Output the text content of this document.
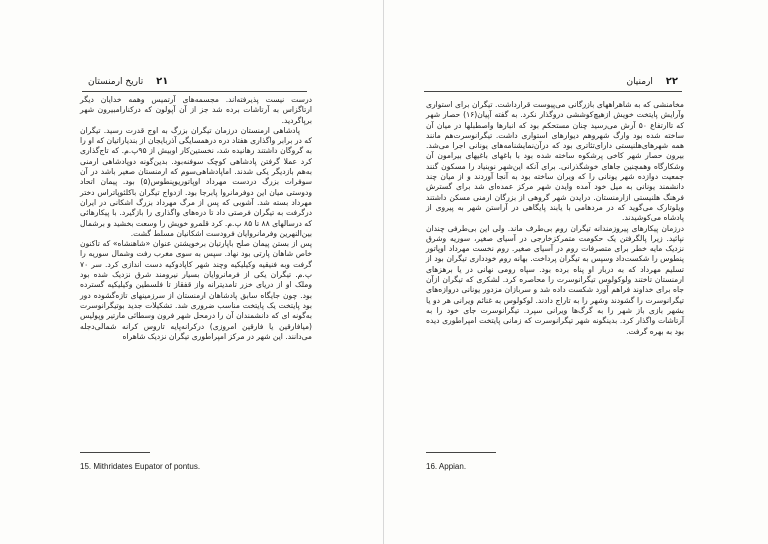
۲۱ تاریخ ارمنستان

درست نیست پذیرفته‌اند. مجسمه‌های آرتمیس وهمه خدایان دیگر ارتاگزاس به آرتاشات برده شد جز از آن آپولون که درکنارامبیرون شهر برپاگردید.

پادشاهی ارمنستان درزمان تیگران بزرگ به اوج قدرت رسید. تیگران که در برابر واگذاری هفتاد دره درهمسایگی آذربایجان از بندیاراتیان که او را به گروگان داشتند رهانیده شد، نخستین‌کار اوبیش از ۹۵پ.م. که تاج‌گذاری کرد عملا گرفتن پادشاهی کوچک سوفنه‌بود. بدین‌گونه دوپادشاهی ارمنی به‌هم بازدیگر یکی شدند. اماپادشاهی‌سوم که ارمنستان صغیر باشد در آن سوفرات بزرگ دردست مهرداد اوپاتوریوپنطوس(۵) بود. پیمان اتحاد ودوستی میان این دوفرمانروا پابرجا بود. ازدواج تیگران باکلئوپاتراس دختر مهرداد بسته شد. آشوبی که پس از مرگ مهرداد بزرگ اشکانی در ایران درگرفت به تیگران فرصتی داد تا دره‌های واگذاری را بازگیرد. با پیکارهائی که درسالهای ۸۸ تا ۸۵ پ.م. کرد قلمرو خویش را وسعت بخشید و برشمال بین‌النهرین وفرمانروایان فرودست اشکانیان مسلط گشت.

پس از بستن پیمان صلح باپارتیان برخویشتن عنوان «شاهنشاه» که تاکنون خاص شاهان پارتی بود نهاد. سپس به سوی مغرب رفت وشمال سوریه را گرفت وبه فنیقیه وکیلیکیه وچند شهر کاپادوکیه دست اندازی کرد. سر ۷۰ پ.م. تیگران یکی از فرمانروایان بسیار نیرومند شرق نزدیک شده بود وملک او از دریای خزر تامدیترانه واز قفقاز تا فلسطین وکیلیکیه گسترده بود. چون جایگاه سابق پادشاهان ارمنستان از سرزمینهای تازه‌گشوده دور بود پایتخت یک پایتخت مناسب ضروری شد. تشکیلات جدید بوتیگرانوسرت به‌گونه ای که دانشمندان آن را درمحل شهر فرون وسطائی مارتیر وپولیس (میافارقین یا فارقین امروزی) درکرانه‌پایه تاروس کرانه شمالی‌دجله می‌دانند. این شهر در مرکز امپراطوری تیگران نزدیک شاهراه

15. Mithridates Eupator of pontus.
۲۲ ارمنیان

مخامنشی که به شاهراههای بازرگانی می‌پیوست قرارداشت. تیگران برای استواری وآرایش پایتخت خویش ازهیچ‌کوششی دروگذار نکرد. به گفته آپیان(۱۶) حصار شهر که تاارتفاع ۵۰ آرش می‌رسید چنان مستحکم بود که انبارها واصطبلها در میان آن ساخته شده بود وارگ شهروهم دیوارهای استواری داشت. تیگرانوسرت‌هم مانند همه شهرهای‌هلنیستی دارای‌تئاتری بود که درآن‌نمایشنامه‌های یونانی اجرا می‌شد. بیرون حصار شهر کاخی پرشکوه ساخته شده بود با باغهای باغیهای بیرامون آن وشکارگاه وهمچنین جاهای خوشگذرانی. برای آنکه این‌شهر نوبنیاد را مسکون گنند جمعیت دوازده شهر یونانی را که ویران ساخته بود به آنجا آوردند و از میان چند دانشمند یونانی به میل خود آمده وایدن شهر مرکز عمده‌ای شد برای گسترش فرهنگ هلنیستی ازارمنستان. درایدن شهر گروهی از بزرگان ارمنی مسکن داشتند ویلوتارک می‌گوید که در مردهامی با یابند پایگاهی در آراستن شهر به پیروی از پادشاه می‌کوشیدند.

درزمان پیکارهای پیروزمندانه تیگران روم بی‌طرف ماند. ولی این بی‌طرفی چندان نپائید. زیرا پالگرفتن یک حکومت متمرکزخارجی در آسیای صغیر، سوریه وشرق نزدیک مایه خطر برای متصرفات روم در آسیای صغیر. روم نخست مهرداد اوپاتور پنطوس را شکست‌داد وسپس به تیگران پرداخت. بهانه روم خودداری تیگران بود از تسلیم مهرداد که به دربار او پناه برده بود. سپاه رومی نهانی در یا برهزهای ارمنستان تاختند ولوکولوس تیگرانوسرت را محاصره کرد. لشکری که تیگران ازآن جاه برای خداوند فراهم آورد شکست داده شد و سربازان مزدور یونانی دروازه‌های تیگرانوسرت را گشودند وشهر را به تاراج دادند. لوکولوس به غنائم ویرانی هر دو یا بشهر بازی باز شهر را به گرگ‌ها ویرانی سپرد. تیگرانوسرت جای خود را به آرتاشات واگذار کرد. بدینگونه شهر تیگرانوسرت که زمانی پایتخت امپراطوری دیده بود به بهره گرفت.

16. Appian.
